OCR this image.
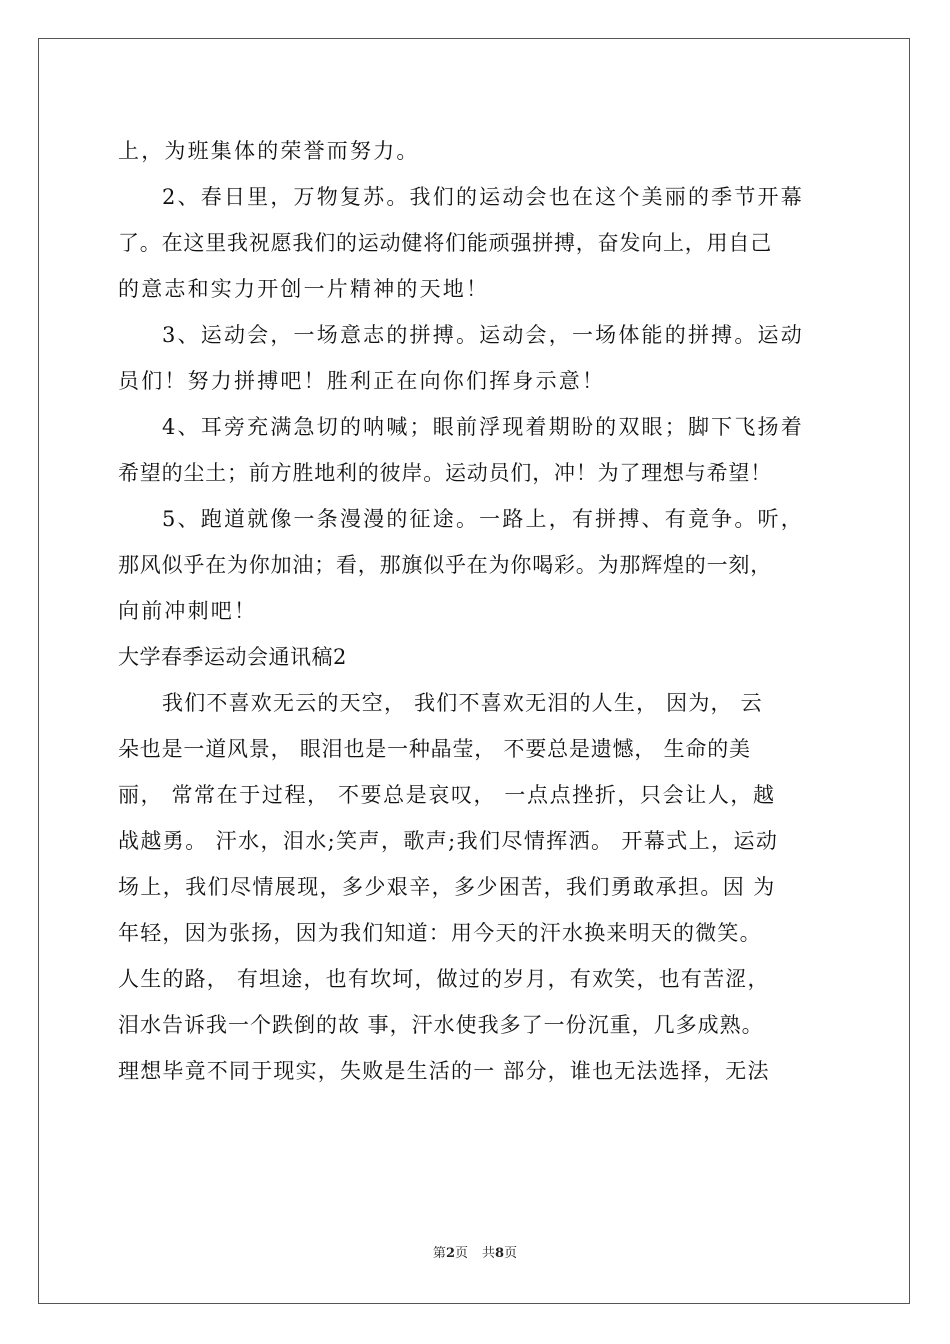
上，为班集体的荣誉而努力。
2、春日里，万物复苏。我们的运动会也在这个美丽的季节开幕
了。在这里我祝愿我们的运动健将们能顽强拼搏，奋发向上，用自己
的意志和实力开创一片精神的天地！
3、运动会，一场意志的拼搏。运动会，一场体能的拼搏。运动
员们！努力拼搏吧！胜利正在向你们挥身示意！
4、耳旁充满急切的呐喊；眼前浮现着期盼的双眼；脚下飞扬着
希望的尘土；前方胜地利的彼岸。运动员们，冲！为了理想与希望！
5、跑道就像一条漫漫的征途。一路上，有拼搏、有竟争。听，
那风似乎在为你加油；看，那旗似乎在为你喝彩。为那辉煌的一刻，
向前冲刺吧！
大学春季运动会通讯稿2
我们不喜欢无云的天空， 我们不喜欢无泪的人生， 因为， 云
朵也是一道风景， 眼泪也是一种晶莹， 不要总是遗憾， 生命的美
丽， 常常在于过程， 不要总是哀叹， 一点点挫折，只会让人，越
战越勇。 汗水，泪水;笑声，歌声;我们尽情挥洒。 开幕式上，运动
场上，我们尽情展现，多少艰辛，多少困苦，我们勇敢承担。因 为
年轻，因为张扬，因为我们知道：用今天的汗水换来明天的微笑。
人生的路， 有坦途，也有坎坷，做过的岁月，有欢笑，也有苦涩，
泪水告诉我一个跌倒的故 事，汗水使我多了一份沉重，几多成熟。
理想毕竟不同于现实，失败是生活的一 部分，谁也无法选择，无法
第2页 共8页
